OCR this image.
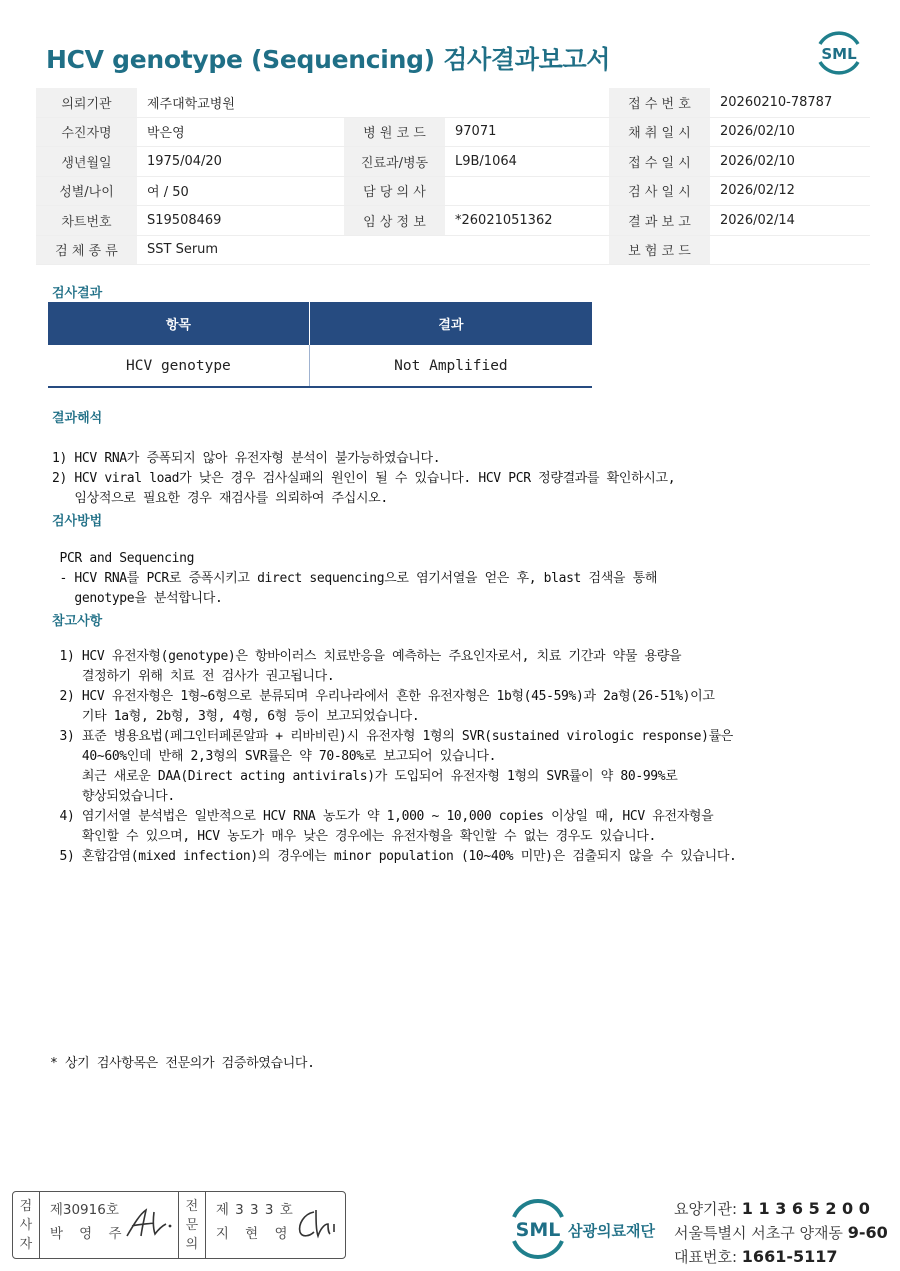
HCV genotype (Sequencing) 검사결과보고서	SML
의뢰기관	제주대학교병원					접 수 번 호	20260210-78787
수진자명	박은영		병 원 코 드	97071		채 취 일 시	2026/02/10
생년월일	1975/04/20		진료과/병동	L9B/1064		접 수 일 시	2026/02/10
성별/나이	여 / 50		담 당 의 사			검 사 일 시	2026/02/12
차트번호	S19508469		임 상 정 보	*26021051362		결 과 보 고	2026/02/14
검 체 종 류	SST Serum					보 험 코 드	
검사결과
항목	결과
HCV genotype	Not Amplified
결과해석

1) HCV RNA가 증폭되지 않아 유전자형 분석이 불가능하였습니다.
2) HCV viral load가 낮은 경우 검사실패의 원인이 될 수 있습니다. HCV PCR 정량결과를 확인하시고,
임상적으로 필요한 경우 재검사를 의뢰하여 주십시오.
검사방법

PCR and Sequencing
- HCV RNA를 PCR로 증폭시키고 direct sequencing으로 염기서열을 얻은 후, blast 검색을 통해
genotype을 분석합니다.
참고사항

1) HCV 유전자형(genotype)은 항바이러스 치료반응을 예측하는 주요인자로서, 치료 기간과 약물 용량을
결정하기 위해 치료 전 검사가 권고됩니다.
2) HCV 유전자형은 1형~6형으로 분류되며 우리나라에서 흔한 유전자형은 1b형(45-59%)과 2a형(26-51%)이고
기타 1a형, 2b형, 3형, 4형, 6형 등이 보고되었습니다.
3) 표준 병용요법(페그인터페론알파 + 리바비린)시 유전자형 1형의 SVR(sustained virologic response)률은
40~60%인데 반해 2,3형의 SVR률은 약 70-80%로 보고되어 있습니다.
최근 새로운 DAA(Direct acting antivirals)가 도입되어 유전자형 1형의 SVR률이 약 80-99%로
향상되었습니다.
4) 염기서열 분석법은 일반적으로 HCV RNA 농도가 약 1,000 ~ 10,000 copies 이상일 때, HCV 유전자형을
확인할 수 있으며, HCV 농도가 매우 낮은 경우에는 유전자형을 확인할 수 없는 경우도 있습니다.
5) 혼합감염(mixed infection)의 경우에는 minor population (10~40% 미만)은 검출되지 않을 수 있습니다.
* 상기 검사항목은 전문의가 검증하였습니다.
검
사
자
제30916호
박 영 주
전
문
의
제 3 3 3 호
지 현 영	SML 삼광의료재단
요양기관: 1 1 3 6 5 2 0 0
서울특별시 서초구 양재동 9-60
대표번호: 1661-5117
